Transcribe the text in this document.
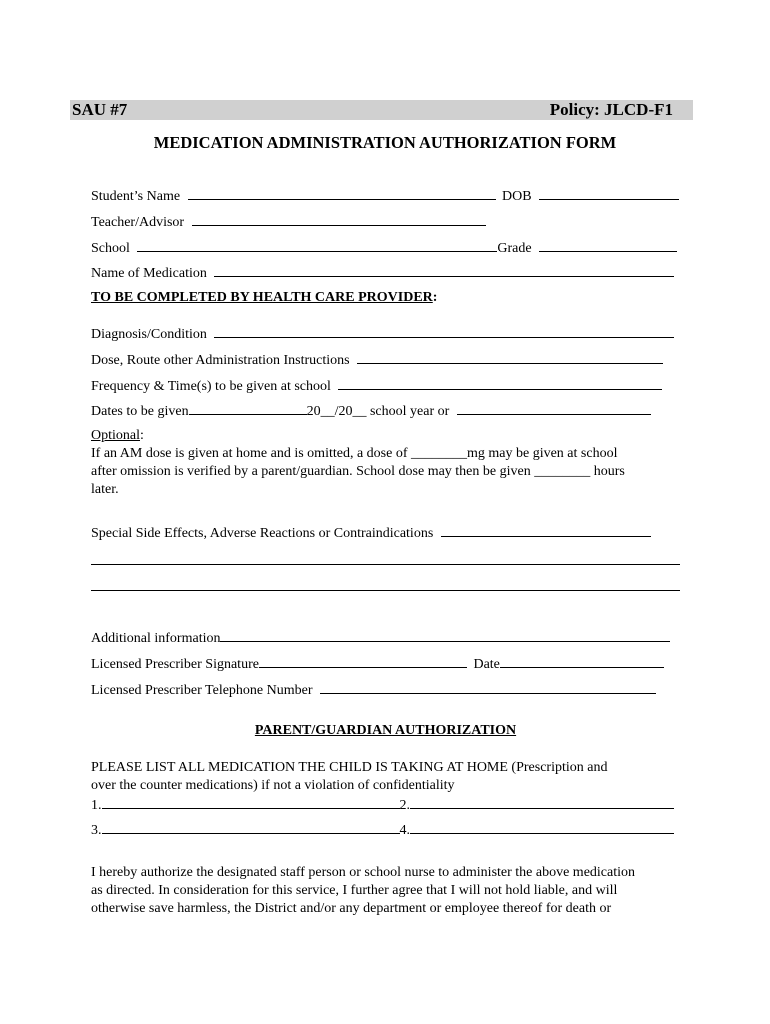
SAU #7	Policy: JLCD-F1
MEDICATION ADMINISTRATION AUTHORIZATION FORM
Student’s Name	DOB
Teacher/Advisor
School	Grade
Name of Medication
TO BE COMPLETED BY HEALTH CARE PROVIDER:
Diagnosis/Condition
Dose, Route other Administration Instructions
Frequency & Time(s) to be given at school
Dates to be given	20__/20__ school year or
Optional:
If an AM dose is given at home and is omitted, a dose of ________mg may be given at school
after omission is verified by a parent/guardian. School dose may then be given ________ hours
later.
Special Side Effects, Adverse Reactions or Contraindications
Additional information
Licensed Prescriber Signature	Date
Licensed Prescriber Telephone Number
PARENT/GUARDIAN AUTHORIZATION
PLEASE LIST ALL MEDICATION THE CHILD IS TAKING AT HOME (Prescription and
over the counter medications) if not a violation of confidentiality
1.	2.
3.	4.
I hereby authorize the designated staff person or school nurse to administer the above medication
as directed. In consideration for this service, I further agree that I will not hold liable, and will
otherwise save harmless, the District and/or any department or employee thereof for death or
